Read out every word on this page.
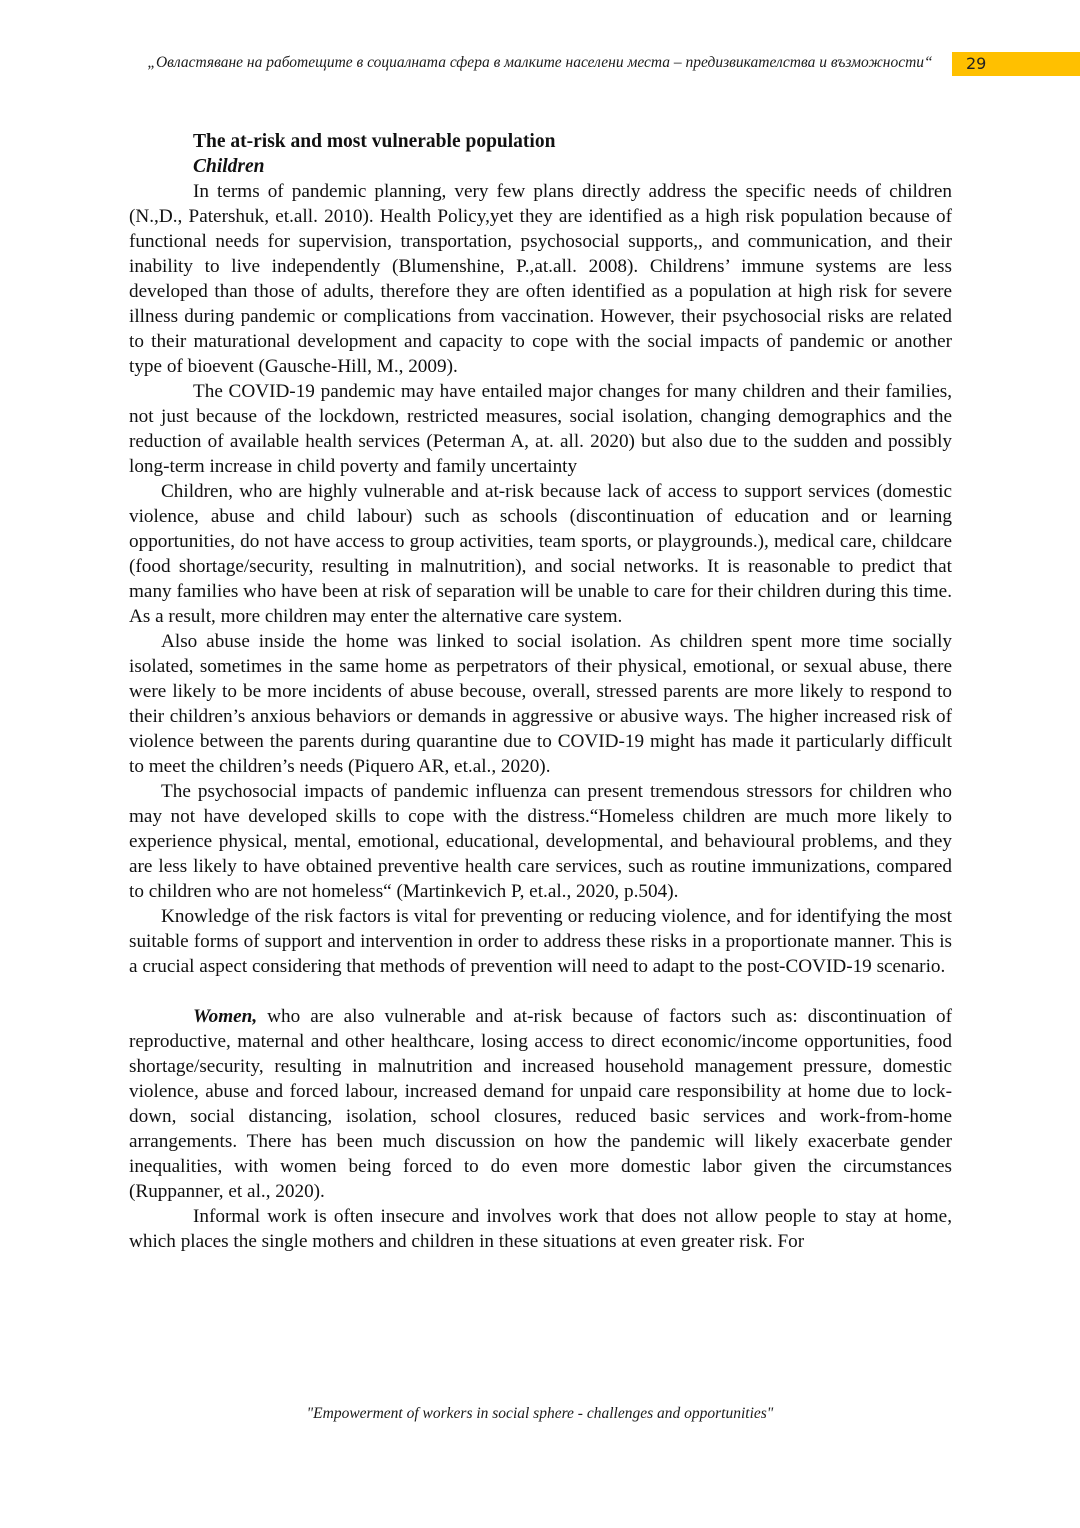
„Овластяване на работещите в социалната сфера в малките населени места – предизвикателства и възможности“	29
The at-risk and most vulnerable population
Children

In terms of pandemic planning, very few plans directly address the specific needs of children (N.,D., Patershuk, et.all. 2010). Health Policy,yet they are identified as a high risk population because of functional needs for supervision, transportation, psychosocial supports,, and communication, and their inability to live independently (Blumenshine, P.,at.all. 2008). Childrens’ immune systems are less developed than those of adults, therefore they are often identified as a population at high risk for severe illness during pandemic or complications from vaccination. However, their psychosocial risks are related to their maturational development and capacity to cope with the social impacts of pandemic or another type of bioevent (Gausche-Hill, M., 2009).

The COVID-19 pandemic may have entailed major changes for many children and their families, not just because of the lockdown, restricted measures, social isolation, changing demographics and the reduction of available health services (Peterman A, at. all. 2020) but also due to the sudden and possibly long-term increase in child poverty and family uncertainty

Children, who are highly vulnerable and at-risk because lack of access to support services (domestic violence, abuse and child labour) such as schools (discontinuation of education and or learning opportunities, do not have access to group activities, team sports, or playgrounds.), medical care, childcare (food shortage/security, resulting in malnutrition), and social networks. It is reasonable to predict that many families who have been at risk of separation will be unable to care for their children during this time. As a result, more children may enter the alternative care system.

Also abuse inside the home was linked to social isolation. As children spent more time socially isolated, sometimes in the same home as perpetrators of their physical, emotional, or sexual abuse, there were likely to be more incidents of abuse becouse, overall, stressed parents are more likely to respond to their children’s anxious behaviors or demands in aggressive or abusive ways. The higher increased risk of violence between the parents during quarantine due to COVID-19 might has made it particularly difficult to meet the children’s needs (Piquero AR, et.al., 2020).

The psychosocial impacts of pandemic influenza can present tremendous stressors for children who may not have developed skills to cope with the distress.“Homeless children are much more likely to experience physical, mental, emotional, educational, developmental, and behavioural problems, and they are less likely to have obtained preventive health care services, such as routine immunizations, compared to children who are not homeless“ (Martinkevich P, et.al., 2020, p.504).

Knowledge of the risk factors is vital for preventing or reducing violence, and for identifying the most suitable forms of support and intervention in order to address these risks in a proportionate manner. This is a crucial aspect considering that methods of prevention will need to adapt to the post-COVID-19 scenario.

Women, who are also vulnerable and at-risk because of factors such as: discontinuation of reproductive, maternal and other healthcare, losing access to direct economic/income opportunities, food shortage/security, resulting in malnutrition and increased household management pressure, domestic violence, abuse and forced labour, increased demand for unpaid care responsibility at home due to lock-down, social distancing, isolation, school closures, reduced basic services and work-from-home arrangements. There has been much discussion on how the pandemic will likely exacerbate gender inequalities, with women being forced to do even more domestic labor given the circumstances (Ruppanner, et al., 2020).

Informal work is often insecure and involves work that does not allow people to stay at home, which places the single mothers and children in these situations at even greater risk. For

"Empowerment of workers in social sphere - challenges and opportunities"
